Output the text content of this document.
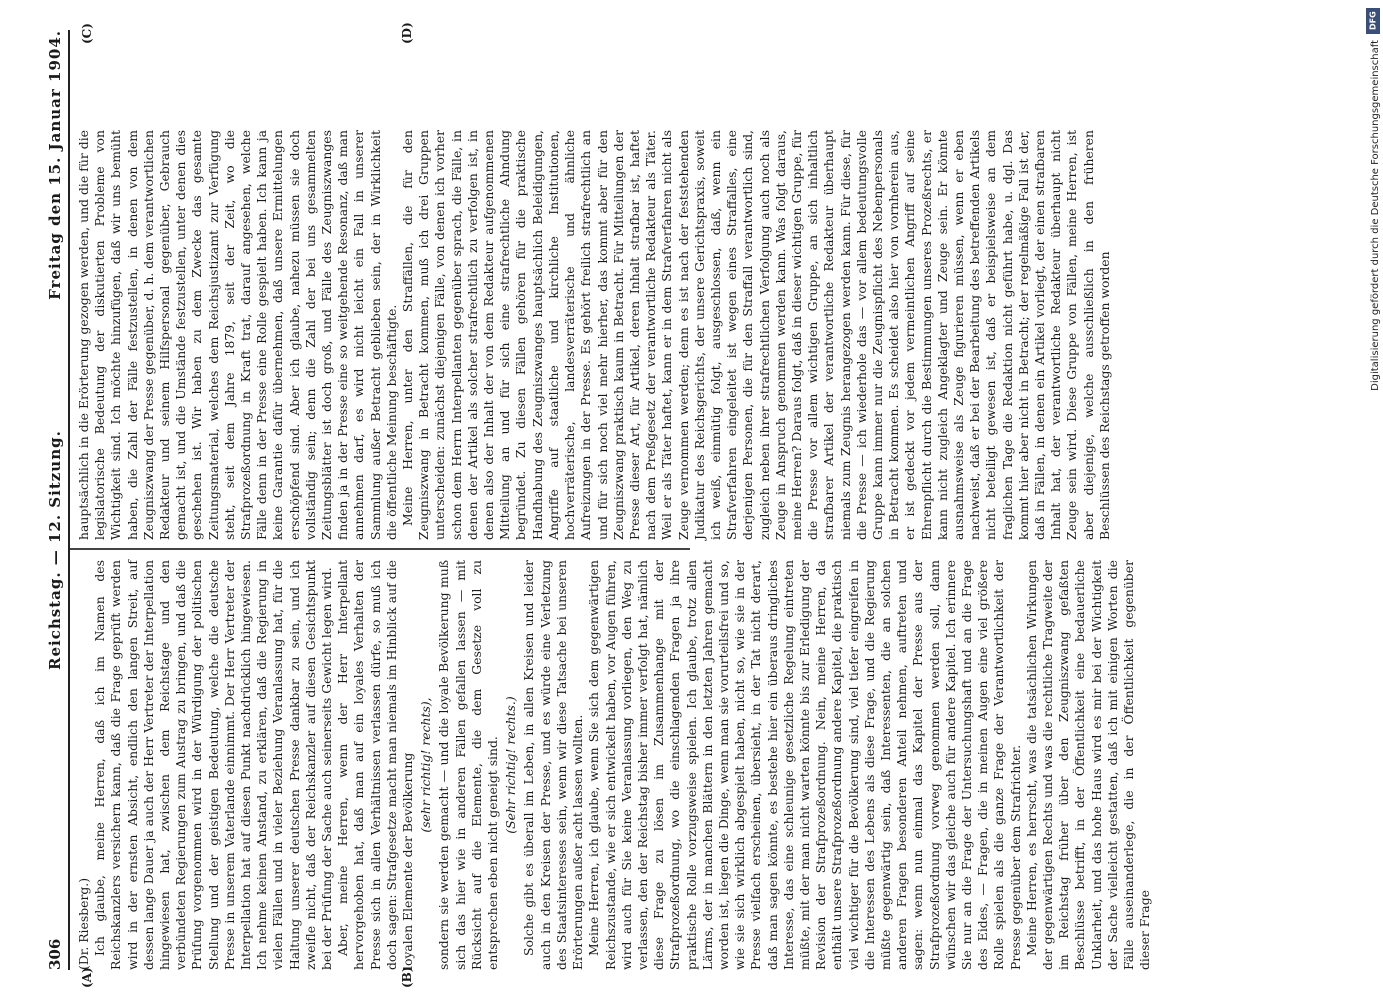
306
Reichstag. — 12. Sitzung.
Freitag den 15. Januar 1904.

(Dr. Riesberg.) Ich glaube, meine Herren, daß ich im Namen des Reichskanzlers versichern kann, daß die Frage geprüft werden wird in der ernsten Absicht, endlich den langen Streit, auf dessen lange Dauer ja auch der Herr Vertreter der Interpellation hingewiesen hat, zwischen dem Reichstage und den verbündeten Regierungen zum Austrag zu bringen, und daß die Prüfung vorgenommen wird in der Würdigung der politischen Stellung und der geistigen Bedeutung, welche die deutsche Presse in unserem Vaterlande einnimmt. Der Herr Vertreter der Interpellation hat auf diesen Punkt nachdrücklich hingewiesen. Ich nehme keinen Anstand, zu erklären, daß die Regierung in vielen Fällen und in vieler Beziehung Veranlassung hat, für die Haltung unserer deutschen Presse dankbar zu sein, und ich zweifle nicht, daß der Reichskanzler auf diesen Gesichtspunkt bei der Prüfung der Sache auch seinerseits Gewicht legen wird. Aber, meine Herren, wenn der Herr Interpellant hervorgehoben hat, daß man auf ein loyales Verhalten der Presse sich in allen Verhältnissen verlassen dürfe, so muß ich doch sagen: Strafgesetze macht man niemals im Hinblick auf die loyalen Elemente der Bevölkerung (sehr richtig! rechts), sondern sie werden gemacht — und die loyale Bevölkerung muß sich das hier wie in anderen Fällen gefallen lassen — mit Rücksicht auf die Elemente, die dem Gesetze voll zu entsprechen eben nicht geneigt sind. (Sehr richtig! rechts.) Solche gibt es überall im Leben, in allen Kreisen und leider auch in den Kreisen der Presse, und es würde eine Verletzung des Staatsinteresses sein, wenn wir diese Tatsache bei unseren Erörterungen außer acht lassen wollten. Meine Herren, ich glaube, wenn Sie sich dem gegenwärtigen Reichszustande, wie er sich entwickelt haben, vor Augen führen, wird auch für Sie keine Veranlassung vorliegen, den Weg zu verlassen, den der Reichstag bisher immer verfolgt hat, nämlich diese Frage zu lösen im Zusammenhange mit der Strafprozeßordnung, wo die einschlagenden Fragen ja ihre praktische Rolle vorzugsweise spielen. Ich glaube, trotz allen Lärms, der in manchen Blättern in den letzten Jahren gemacht worden ist, liegen die Dinge, wenn man sie vorurteilsfrei und so, wie sie sich wirklich abgespielt haben, nicht so, wie sie in der Presse vielfach erscheinen, übersieht, in der Tat nicht derart, daß man sagen könnte, es bestehe hier ein überaus dringliches Interesse, das eine schleunige gesetzliche Regelung eintreten müßte, mit der man nicht warten könnte bis zur Erledigung der Revision der Strafprozeßordnung. Nein, meine Herren, da enthält unsere Strafprozeßordnung andere Kapitel, die praktisch viel wichtiger für die Bevölkerung sind, viel tiefer eingreifen in die Interessen des Lebens als diese Frage, und die Regierung müßte gegenwärtig sein, daß Interessenten, die an solchen anderen Fragen besonderen Anteil nehmen, auftreten und sagen: wenn nun einmal das Kapitel der Presse aus der Strafprozeßordnung vorweg genommen werden soll, dann wünschen wir das gleiche auch für andere Kapitel. Ich erinnere Sie nur an die Frage der Untersuchungshaft und an die Frage des Eides, — Fragen, die in meinen Augen eine viel größere Rolle spielen als die ganze Frage der Verantwortlichkeit der Presse gegenüber dem Strafrichter. Meine Herren, es herrscht, was die tatsächlichen Wirkungen der gegenwärtigen Rechts und was die rechtliche Tragweite der im Reichstag früher über den Zeugniszwang gefaßten Beschlüsse betrifft, in der Öffentlichkeit eine bedauerliche Unklarheit, und das hohe Haus wird es mir bei der Wichtigkeit der Sache vielleicht gestatten, daß ich mit einigen Worten die Fälle auseinanderlege, die in der Öffentlichkeit gegenüber dieser Frage

hauptsächlich in die Erörterung gezogen werden, und die für die legislatorische Bedeutung der diskutierten Probleme von Wichtigkeit sind. Ich möchte hinzufügen, daß wir uns bemüht haben, die Zahl der Fälle festzustellen, in denen von dem Zeugniszwang der Presse gegenüber, d. h. dem verantwortlichen Redakteur und seinem Hilfspersonal gegenüber, Gebrauch gemacht ist, und die Umstände festzustellen, unter denen dies geschehen ist. Wir haben zu dem Zwecke das gesamte Zeitungsmaterial, welches dem Reichsjustizamt zur Verfügung steht, seit dem Jahre 1879, seit der Zeit, wo die Strafprozeßordnung in Kraft trat, darauf angesehen, welche Fälle denn in der Presse eine Rolle gespielt haben. Ich kann ja keine Garantie dafür übernehmen, daß unsere Ermittelungen erschöpfend sind. Aber ich glaube, nahezu müssen sie doch vollständig sein; denn die Zahl der bei uns gesammelten Zeitungsblätter ist doch groß, und Fälle des Zeugniszwanges finden ja in der Presse eine so weitgehende Resonanz, daß man annehmen darf, es wird nicht leicht ein Fall in unserer Sammlung außer Betracht geblieben sein, der in Wirklichkeit die öffentliche Meinung beschäftigte. Meine Herren, unter den Straffällen, die für den Zeugniszwang in Betracht kommen, muß ich drei Gruppen unterscheiden: zunächst diejenigen Fälle, von denen ich vorher schon dem Herrn Interpellanten gegenüber sprach, die Fälle, in denen der Artikel als solcher strafrechtlich zu verfolgen ist, in denen also der Inhalt der von dem Redakteur aufgenommenen Mitteilung an und für sich eine strafrechtliche Ahndung begründet. Zu diesen Fällen gehören für die praktische Handhabung des Zeugniszwanges hauptsächlich Beleidigungen, Angriffe auf staatliche und kirchliche Institutionen, hochverräterische, landesverräterische und ähnliche Aufreizungen in der Presse. Es gehört freilich strafrechtlich an und für sich noch viel mehr hierher, das kommt aber für den Zeugniszwang praktisch kaum in Betracht. Für Mitteilungen der Presse dieser Art, für Artikel, deren Inhalt strafbar ist, haftet nach dem Preßgesetz der verantwortliche Redakteur als Täter. Weil er als Täter haftet, kann er in dem Strafverfahren nicht als Zeuge vernommen werden; denn es ist nach der feststehenden Judikatur des Reichsgerichts, der unsere Gerichtspraxis, soweit ich weiß, einmütig folgt, ausgeschlossen, daß, wenn ein Strafverfahren eingeleitet ist wegen eines Straffalles, eine derjenigen Personen, die für den Straffall verantwortlich sind, zugleich neben ihrer strafrechtlichen Verfolgung auch noch als Zeuge in Anspruch genommen werden kann. Was folgt daraus, meine Herren? Daraus folgt, daß in dieser wichtigen Gruppe, für die Presse vor allem wichtigen Gruppe, an sich inhaltlich strafbarer Artikel der verantwortliche Redakteur überhaupt niemals zum Zeugnis herangezogen werden kann. Für diese, für die Presse — ich wiederhole das — vor allem bedeutungsvolle Gruppe kann immer nur die Zeugnispflicht des Nebenpersonals in Betracht kommen. Es scheidet also hier von vornherein aus, er ist gedeckt vor jedem vermeintlichen Angriff auf seine Ehrenpflicht durch die Bestimmungen unseres Prozeßrechts, er kann nicht zugleich Angeklagter und Zeuge sein. Er könnte ausnahmsweise als Zeuge figurieren müssen, wenn er eben nachweist, daß er bei der Bearbeitung des betreffenden Artikels nicht beteiligt gewesen ist, daß er beispielsweise an dem fraglichen Tage die Redaktion nicht geführt habe, u. dgl. Das kommt hier aber nicht in Betracht; der regelmäßige Fall ist der, daß in Fällen, in denen ein Artikel vorliegt, der einen strafbaren Inhalt hat, der verantwortliche Redakteur überhaupt nicht Zeuge sein wird. Diese Gruppe von Fällen, meine Herren, ist aber diejenige, welche ausschließlich in den früheren Beschlüssen des Reichstags getroffen worden

(A)	(B)
(C)	(D)
DFG
Digitalisierung gefördert durch die Deutsche Forschungsgemeinschaft
